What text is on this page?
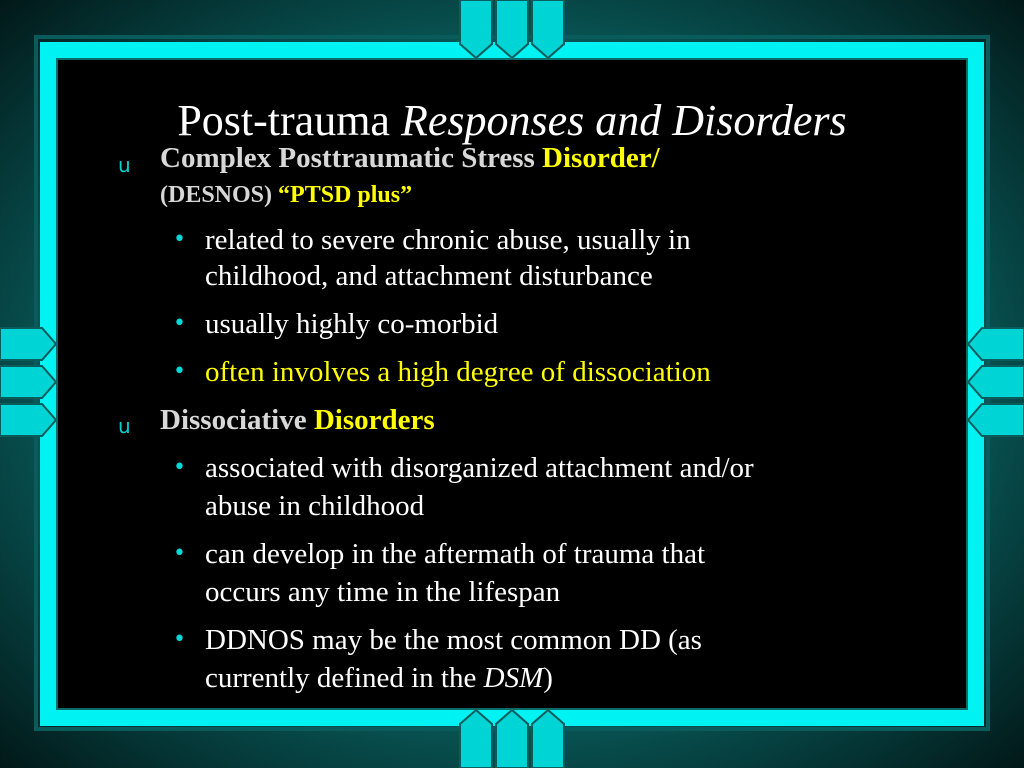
Post-trauma Responses and Disorders
u Complex Posttraumatic Stress Disorder/
(DESNOS) “PTSD plus”
• related to severe chronic abuse, usually in
childhood, and attachment disturbance
• usually highly co-morbid
• often involves a high degree of dissociation
u Dissociative Disorders
• associated with disorganized attachment and/or
abuse in childhood
• can develop in the aftermath of trauma that
occurs any time in the lifespan
• DDNOS may be the most common DD (as
currently defined in the DSM)
